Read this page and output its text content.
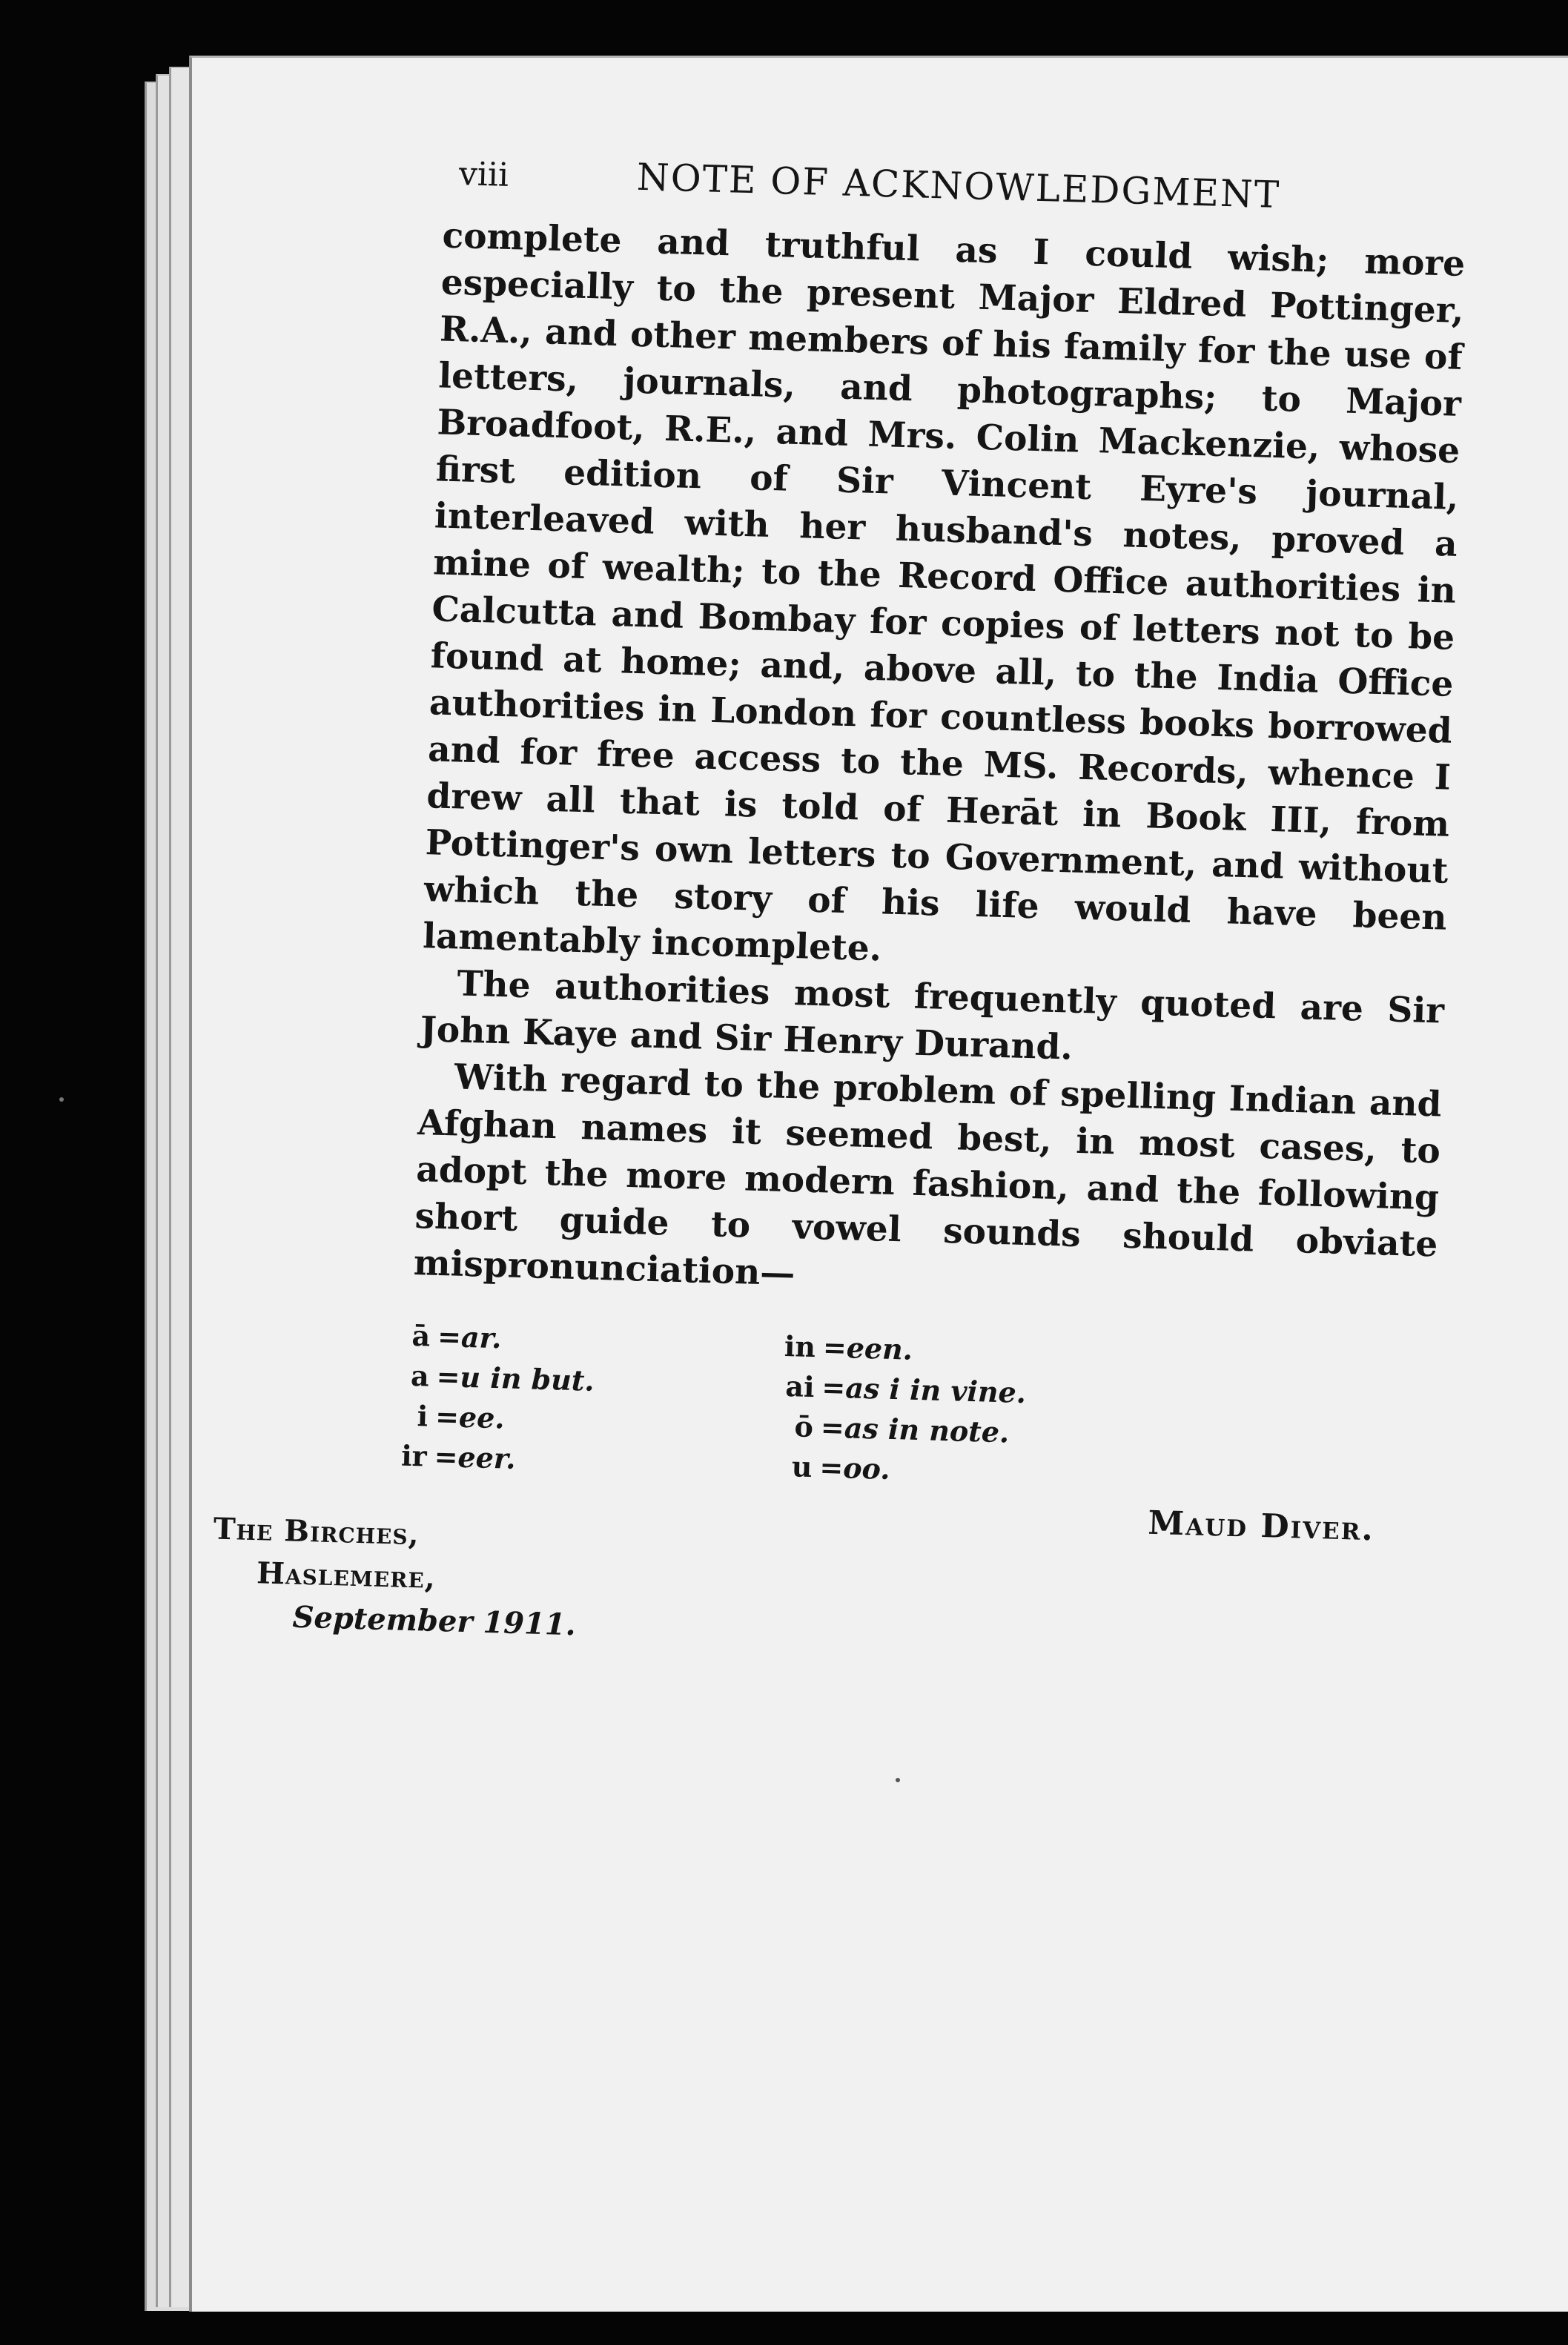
viii	NOTE OF ACKNOWLEDGMENT

complete and truthful as I could wish; more especially to the present Major Eldred Pottinger, R.A., and other members of his family for the use of letters, journals, and photographs; to Major Broadfoot, R.E., and Mrs. Colin Mackenzie, whose first edition of Sir Vincent Eyre's journal, interleaved with her husband's notes, proved a mine of wealth; to the Record Office authorities in Calcutta and Bombay for copies of letters not to be found at home; and, above all, to the India Office authorities in London for countless books borrowed and for free access to the MS. Records, whence I drew all that is told of Herāt in Book III, from Pottinger's own letters to Government, and without which the story of his life would have been lamentably incomplete.

The authorities most frequently quoted are Sir John Kaye and Sir Henry Durand.

With regard to the problem of spelling Indian and Afghan names it seemed best, in most cases, to adopt the more modern fashion, and the following short guide to vowel sounds should obviate mispronunciation—

ā =
ar.
a =
u in but.
i =
ee.
ir =
eer.
in =
een.
ai =
as i in vine.
ō =
as in note.
u =
oo.
Maud Diver.
The Birches,
Haslemere,
September 1911.
